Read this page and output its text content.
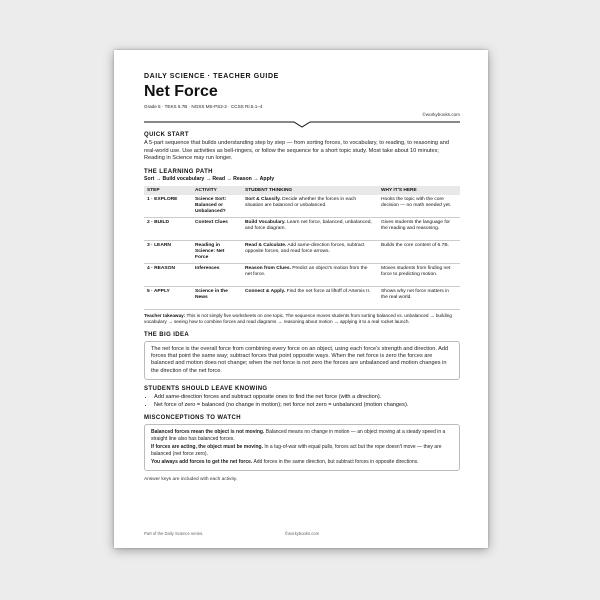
DAILY SCIENCE · TEACHER GUIDE
Net Force
Grade 5 · TEKS 6.7B · NGSS MS-PS2-2 · CCSS RI.5.1–4
©workybooks.com
QUICK START
A 5-part sequence that builds understanding step by step — from sorting forces, to vocabulary, to reading, to reasoning and real-world use. Use activities as bell-ringers, or follow the sequence for a short topic study. Most take about 10 minutes; Reading in Science may run longer.
THE LEARNING PATH
Sort → Build vocabulary → Read → Reason → Apply
STEP	ACTIVITY	STUDENT THINKING	WHY IT'S HERE
1 · EXPLORE	Science Sort: Balanced or Unbalanced?	Sort & Classify. Decide whether the forces in each situation are balanced or unbalanced.	Hooks the topic with the core decision — no math needed yet.
2 · BUILD	Context Clues	Build Vocabulary. Learn net force, balanced, unbalanced, and force diagram.	Gives students the language for the reading and reasoning.
3 · LEARN	Reading in Science: Net Force	Read & Calculate. Add same-direction forces, subtract opposite forces, and read force arrows.	Builds the core content of 6.7B.
4 · REASON	Inferences	Reason from Clues. Predict an object's motion from the net force.	Moves students from finding net force to predicting motion.
5 · APPLY	Science in the News	Connect & Apply. Find the net force at liftoff of Artemis II.	Shows why net force matters in the real world.
Teacher takeaway: This is not simply five worksheets on one topic. The sequence moves students from sorting balanced vs. unbalanced → building vocabulary → seeing how to combine forces and read diagrams → reasoning about motion → applying it to a real rocket launch.
THE BIG IDEA
The net force is the overall force from combining every force on an object, using each force's strength and direction. Add forces that point the same way; subtract forces that point opposite ways. When the net force is zero the forces are balanced and motion does not change; when the net force is not zero the forces are unbalanced and motion changes in the direction of the net force.
STUDENTS SHOULD LEAVE KNOWING
• Add same-direction forces and subtract opposite ones to find the net force (with a direction).
• Net force of zero = balanced (no change in motion); net force not zero = unbalanced (motion changes).
MISCONCEPTIONS TO WATCH
Balanced forces mean the object is not moving. Balanced means no change in motion — an object moving at a steady speed in a straight line also has balanced forces.
If forces are acting, the object must be moving. In a tug-of-war with equal pulls, forces act but the rope doesn't move — they are balanced (net force zero).
You always add forces to get the net force. Add forces in the same direction, but subtract forces in opposite directions.
Answer keys are included with each activity.
Part of the Daily Science series.	©workybooks.com
